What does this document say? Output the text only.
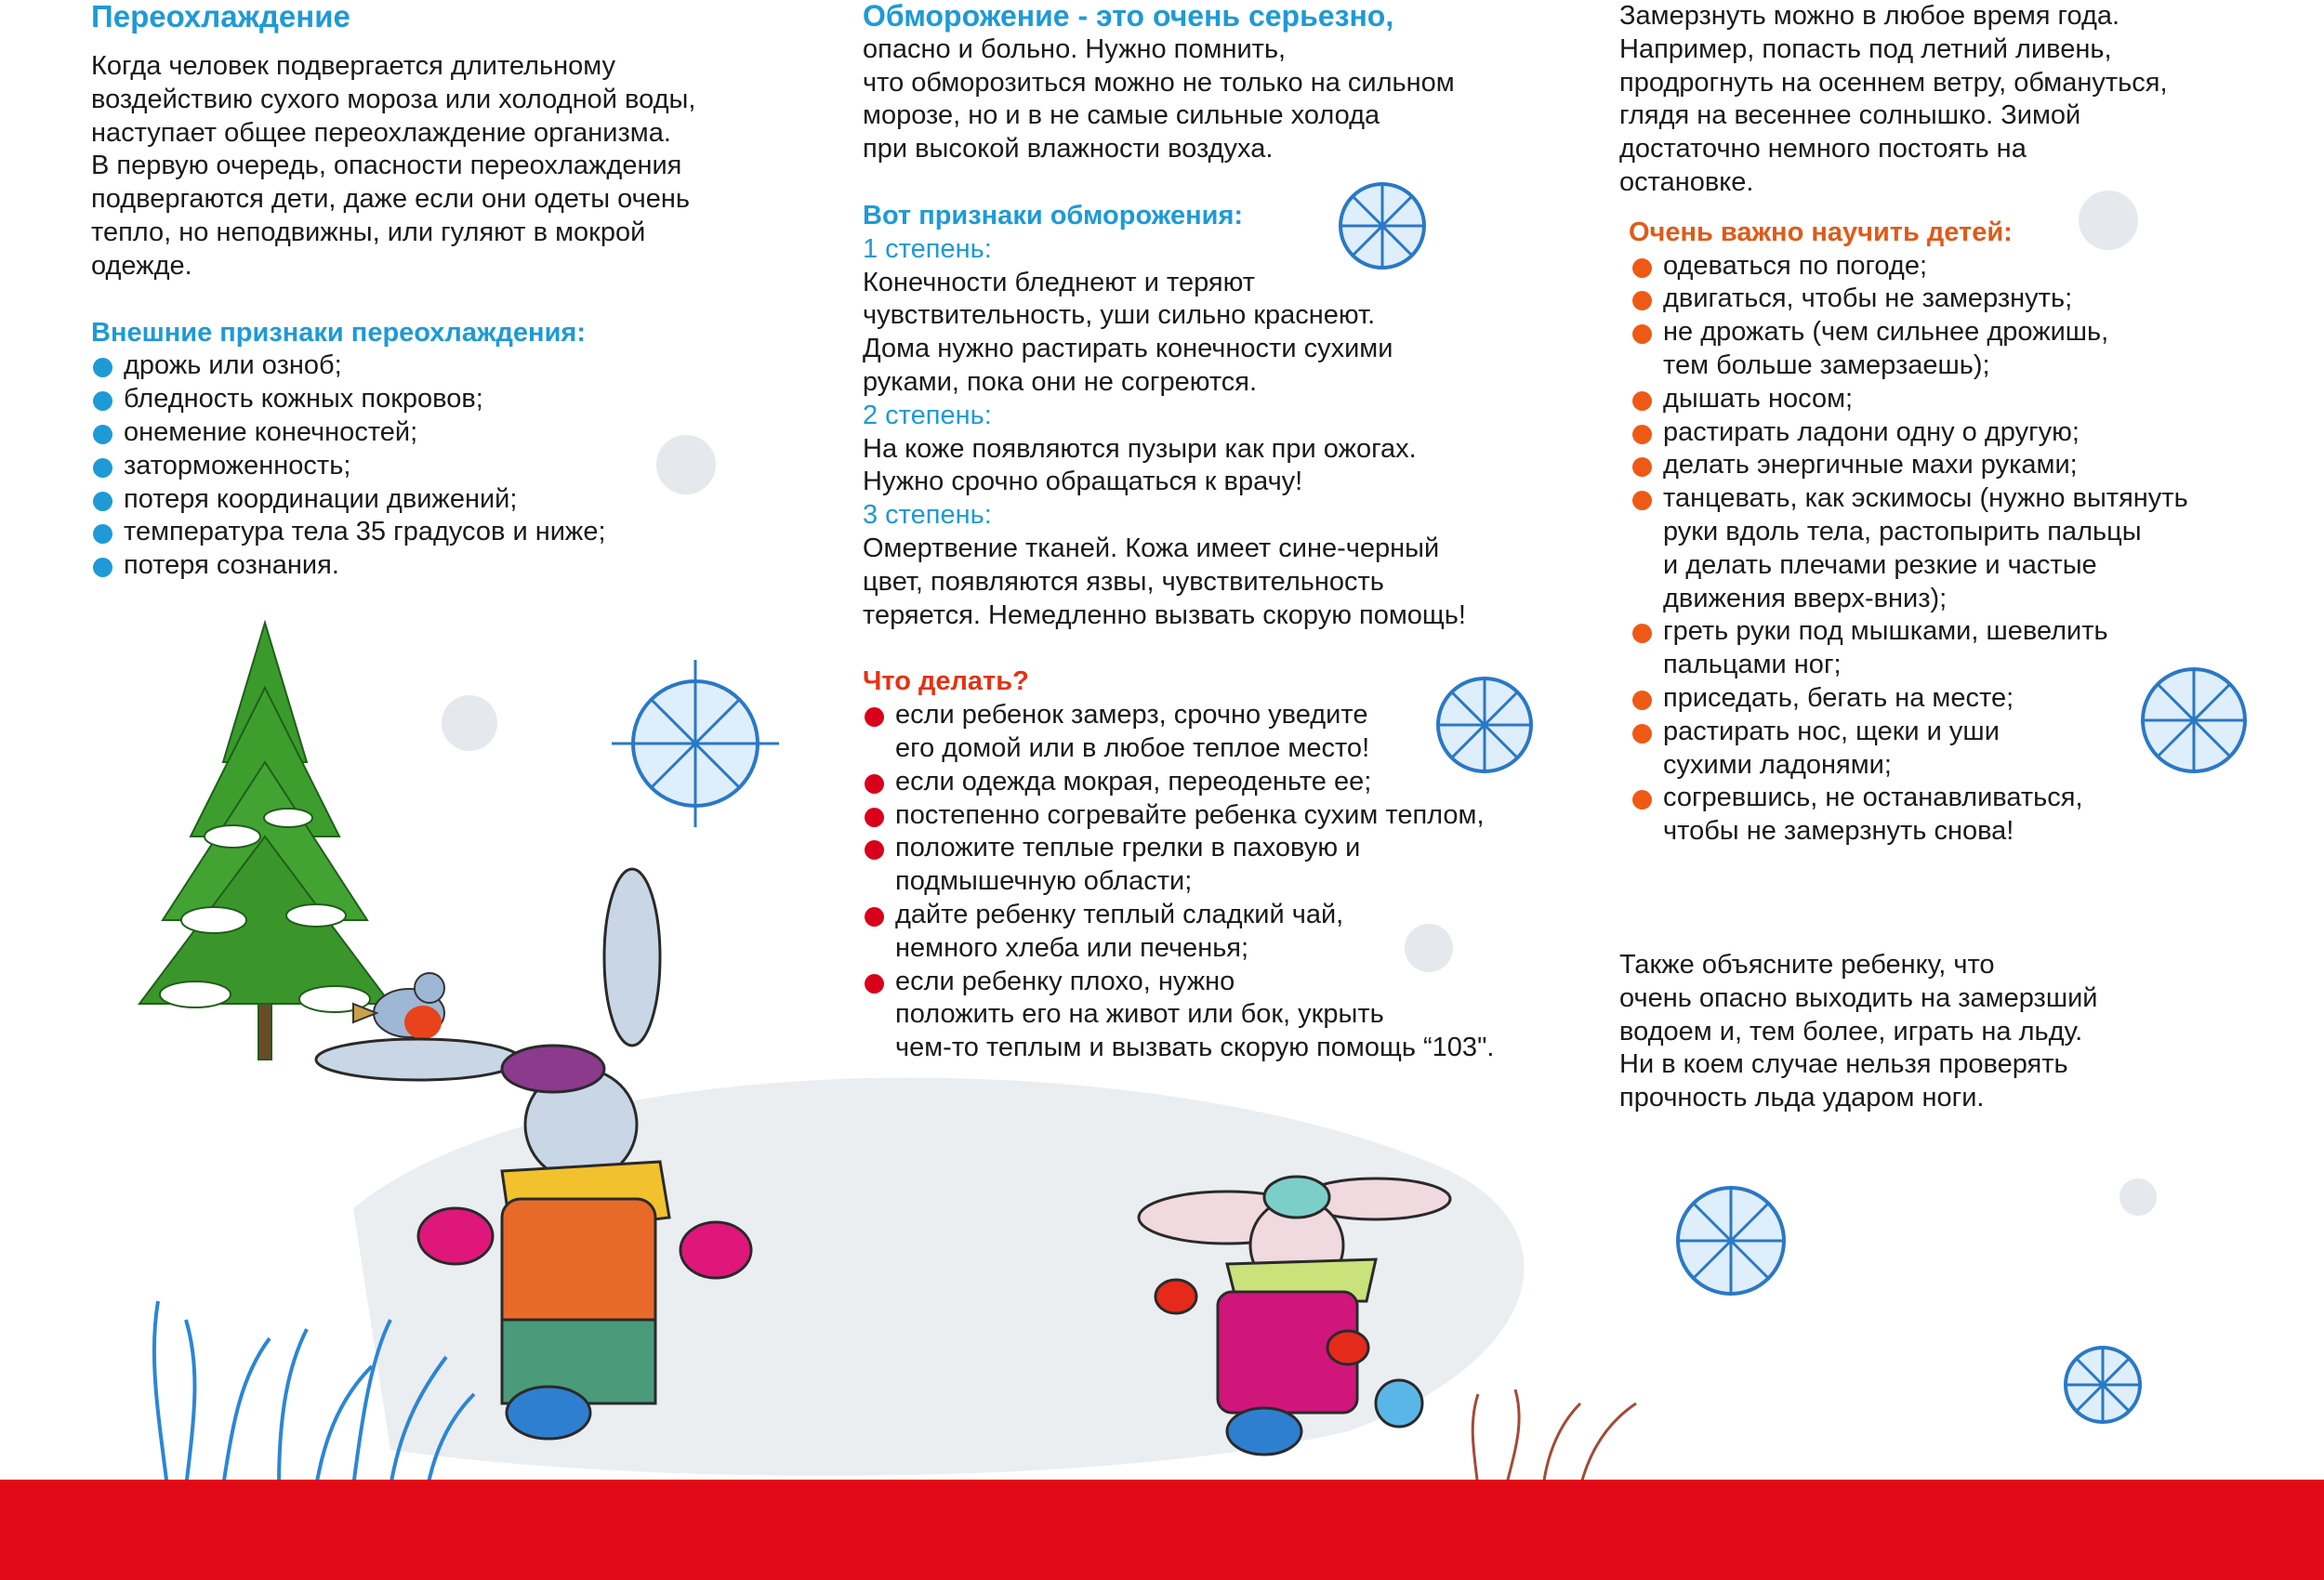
Переохлаждение

Когда человек подвергается длительному

воздействию сухого мороза или холодной воды,

наступает общее переохлаждение организма.

В первую очередь, опасности переохлаждения

подвергаются дети, даже если они одеты очень

тепло, но неподвижны, или гуляют в мокрой

одежде.

Внешние признаки переохлаждения:

дрожь или озноб;
бледность кожных покровов;
онемение конечностей;
заторможенность;
потеря координации движений;
температура тела 35 градусов и ниже;
потеря сознания.

Обморожение - это очень серьезно,

опасно и больно. Нужно помнить,

что обморозиться можно не только на сильном

морозе, но и в не самые сильные холода

при высокой влажности воздуха.

Вот признаки обморожения:

1 степень:

Конечности бледнеют и теряют

чувствительность, уши сильно краснеют.

Дома нужно растирать конечности сухими

руками, пока они не согреются.

2 степень:

На коже появляются пузыри как при ожогах.

Нужно срочно обращаться к врачу!

3 степень:

Омертвение тканей. Кожа имеет сине-черный

цвет, появляются язвы, чувствительность

теряется. Немедленно вызвать скорую помощь!

Что делать?

если ребенок замерз, срочно уведите
его домой или в любое теплое место!
если одежда мокрая, переоденьте ее;
постепенно согревайте ребенка сухим теплом,
положите теплые грелки в паховую и
подмышечную области;
дайте ребенку теплый сладкий чай,
немного хлеба или печенья;
если ребенку плохо, нужно
положить его на живот или бок, укрыть
чем-то теплым и вызвать скорую помощь “103".

Замерзнуть можно в любое время года.

Например, попасть под летний ливень,

продрогнуть на осеннем ветру, обмануться,

глядя на весеннее солнышко. Зимой

достаточно немного постоять на

остановке.

Очень важно научить детей:

одеваться по погоде;
двигаться, чтобы не замерзнуть;
не дрожать (чем сильнее дрожишь,
тем больше замерзаешь);
дышать носом;
растирать ладони одну о другую;
делать энергичные махи руками;
танцевать, как эскимосы (нужно вытянуть
руки вдоль тела, растопырить пальцы
и делать плечами резкие и частые
движения вверх-вниз);
греть руки под мышками, шевелить
пальцами ног;
приседать, бегать на месте;
растирать нос, щеки и уши
сухими ладонями;
согревшись, не останавливаться,
чтобы не замерзнуть снова!

Также объясните ребенку, что

очень опасно выходить на замерзший

водоем и, тем более, играть на льду.

Ни в коем случае нельзя проверять

прочность льда ударом ноги.
